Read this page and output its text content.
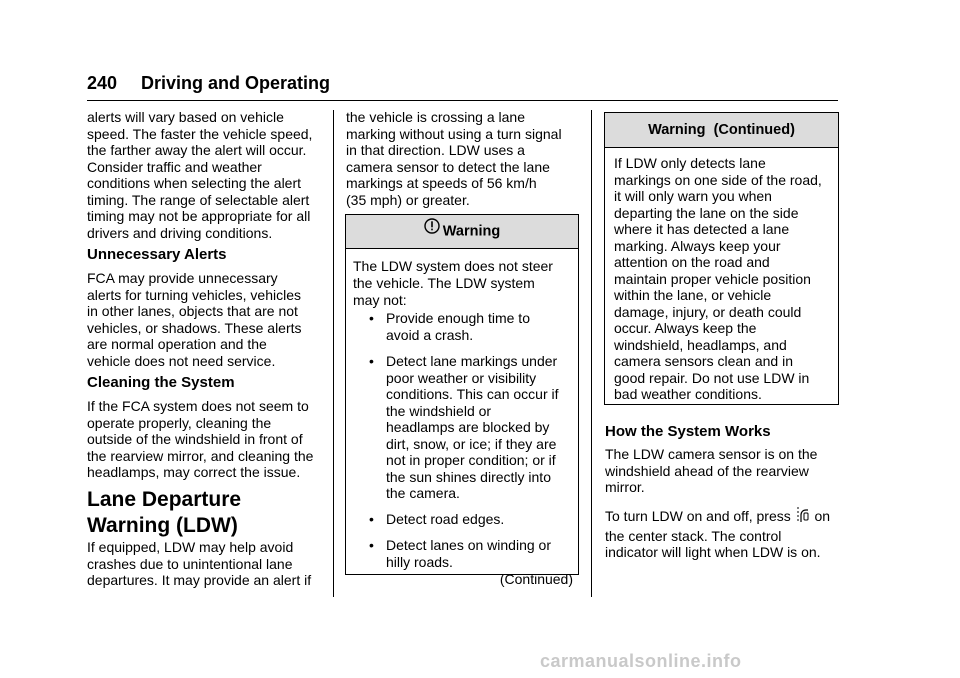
240 Driving and Operating

alerts will vary based on vehicle
speed. The faster the vehicle speed,
the farther away the alert will occur.
Consider traffic and weather
conditions when selecting the alert
timing. The range of selectable alert
timing may not be appropriate for all
drivers and driving conditions.

Unnecessary Alerts
FCA may provide unnecessary
alerts for turning vehicles, vehicles
in other lanes, objects that are not
vehicles, or shadows. These alerts
are normal operation and the
vehicle does not need service.
Cleaning the System
If the FCA system does not seem to
operate properly, cleaning the
outside of the windshield in front of
the rearview mirror, and cleaning the
headlamps, may correct the issue.
Lane Departure
Warning (LDW)
If equipped, LDW may help avoid
crashes due to unintentional lane
departures. It may provide an alert if
the vehicle is crossing a lane
marking without using a turn signal
in that direction. LDW uses a
camera sensor to detect the lane
markings at speeds of 56 km/h
(35 mph) or greater.
Warning
The LDW system does not steer
the vehicle. The LDW system
may not:
• Provide enough time to
avoid a crash.
• Detect lane markings under
poor weather or visibility
conditions. This can occur if
the windshield or
headlamps are blocked by
dirt, snow, or ice; if they are
not in proper condition; or if
the sun shines directly into
the camera.
• Detect road edges.
• Detect lanes on winding or
hilly roads.
(Continued)
Warning  (Continued)
If LDW only detects lane
markings on one side of the road,
it will only warn you when
departing the lane on the side
where it has detected a lane
marking. Always keep your
attention on the road and
maintain proper vehicle position
within the lane, or vehicle
damage, injury, or death could
occur. Always keep the
windshield, headlamps, and
camera sensors clean and in
good repair. Do not use LDW in
bad weather conditions.
How the System Works
The LDW camera sensor is on the
windshield ahead of the rearview
mirror.
To turn LDW on and off, press on
the center stack. The control
indicator will light when LDW is on.
carmanualsonline.info
